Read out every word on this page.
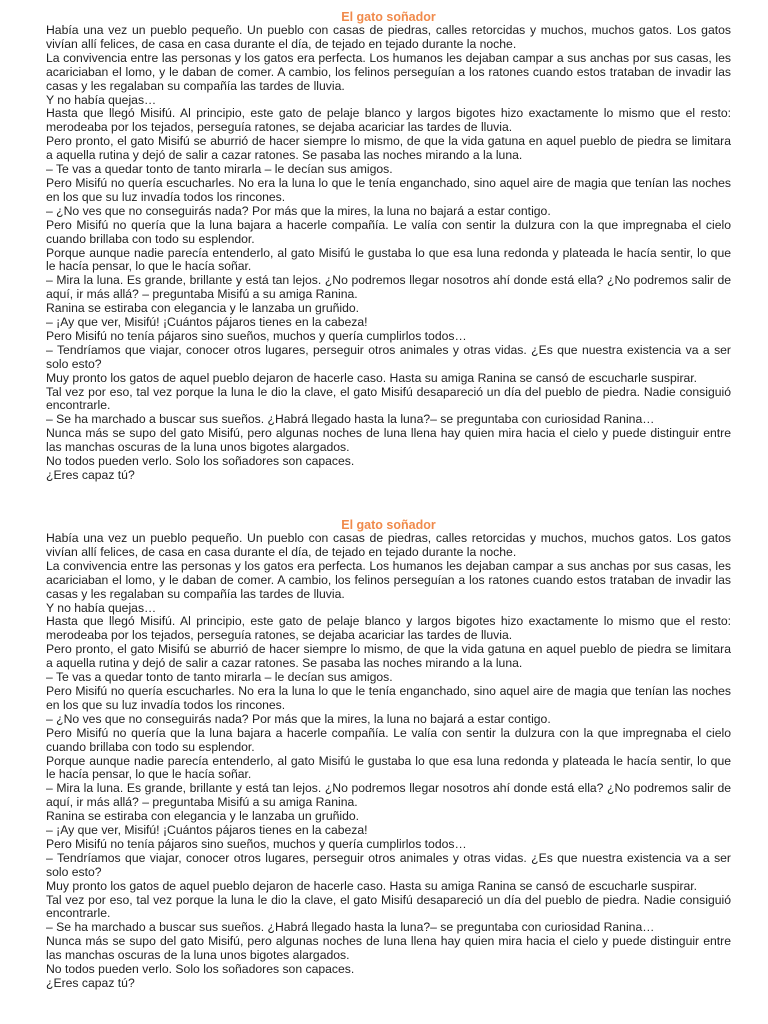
El gato soñador

Había una vez un pueblo pequeño. Un pueblo con casas de piedras, calles retorcidas y muchos, muchos gatos. Los gatos vivían allí felices, de casa en casa durante el día, de tejado en tejado durante la noche.

La convivencia entre las personas y los gatos era perfecta. Los humanos les dejaban campar a sus anchas por sus casas, les acariciaban el lomo, y le daban de comer. A cambio, los felinos perseguían a los ratones cuando estos trataban de invadir las casas y les regalaban su compañía las tardes de lluvia.

Y no había quejas…

Hasta que llegó Misifú. Al principio, este gato de pelaje blanco y largos bigotes hizo exactamente lo mismo que el resto: merodeaba por los tejados, perseguía ratones, se dejaba acariciar las tardes de lluvia.

Pero pronto, el gato Misifú se aburrió de hacer siempre lo mismo, de que la vida gatuna en aquel pueblo de piedra se limitara a aquella rutina y dejó de salir a cazar ratones. Se pasaba las noches mirando a la luna.

– Te vas a quedar tonto de tanto mirarla – le decían sus amigos.

Pero Misifú no quería escucharles. No era la luna lo que le tenía enganchado, sino aquel aire de magia que tenían las noches en los que su luz invadía todos los rincones.

– ¿No ves que no conseguirás nada? Por más que la mires, la luna no bajará a estar contigo.

Pero Misifú no quería que la luna bajara a hacerle compañía. Le valía con sentir la dulzura con la que impregnaba el cielo cuando brillaba con todo su esplendor.

Porque aunque nadie parecía entenderlo, al gato Misifú le gustaba lo que esa luna redonda y plateada le hacía sentir, lo que le hacía pensar, lo que le hacía soñar.

– Mira la luna. Es grande, brillante y está tan lejos. ¿No podremos llegar nosotros ahí donde está ella? ¿No podremos salir de aquí, ir más allá? – preguntaba Misifú a su amiga Ranina.

Ranina se estiraba con elegancia y le lanzaba un gruñido.

– ¡Ay que ver, Misifú! ¡Cuántos pájaros tienes en la cabeza!

Pero Misifú no tenía pájaros sino sueños, muchos y quería cumplirlos todos…

– Tendríamos que viajar, conocer otros lugares, perseguir otros animales y otras vidas. ¿Es que nuestra existencia va a ser solo esto?

Muy pronto los gatos de aquel pueblo dejaron de hacerle caso. Hasta su amiga Ranina se cansó de escucharle suspirar.

Tal vez por eso, tal vez porque la luna le dio la clave, el gato Misifú desapareció un día del pueblo de piedra. Nadie consiguió encontrarle.

– Se ha marchado a buscar sus sueños. ¿Habrá llegado hasta la luna?– se preguntaba con curiosidad Ranina…

Nunca más se supo del gato Misifú, pero algunas noches de luna llena hay quien mira hacia el cielo y puede distinguir entre las manchas oscuras de la luna unos bigotes alargados.

No todos pueden verlo. Solo los soñadores son capaces.

¿Eres capaz tú?

El gato soñador

Había una vez un pueblo pequeño. Un pueblo con casas de piedras, calles retorcidas y muchos, muchos gatos. Los gatos vivían allí felices, de casa en casa durante el día, de tejado en tejado durante la noche.

La convivencia entre las personas y los gatos era perfecta. Los humanos les dejaban campar a sus anchas por sus casas, les acariciaban el lomo, y le daban de comer. A cambio, los felinos perseguían a los ratones cuando estos trataban de invadir las casas y les regalaban su compañía las tardes de lluvia.

Y no había quejas…

Hasta que llegó Misifú. Al principio, este gato de pelaje blanco y largos bigotes hizo exactamente lo mismo que el resto: merodeaba por los tejados, perseguía ratones, se dejaba acariciar las tardes de lluvia.

Pero pronto, el gato Misifú se aburrió de hacer siempre lo mismo, de que la vida gatuna en aquel pueblo de piedra se limitara a aquella rutina y dejó de salir a cazar ratones. Se pasaba las noches mirando a la luna.

– Te vas a quedar tonto de tanto mirarla – le decían sus amigos.

Pero Misifú no quería escucharles. No era la luna lo que le tenía enganchado, sino aquel aire de magia que tenían las noches en los que su luz invadía todos los rincones.

– ¿No ves que no conseguirás nada? Por más que la mires, la luna no bajará a estar contigo.

Pero Misifú no quería que la luna bajara a hacerle compañía. Le valía con sentir la dulzura con la que impregnaba el cielo cuando brillaba con todo su esplendor.

Porque aunque nadie parecía entenderlo, al gato Misifú le gustaba lo que esa luna redonda y plateada le hacía sentir, lo que le hacía pensar, lo que le hacía soñar.

– Mira la luna. Es grande, brillante y está tan lejos. ¿No podremos llegar nosotros ahí donde está ella? ¿No podremos salir de aquí, ir más allá? – preguntaba Misifú a su amiga Ranina.

Ranina se estiraba con elegancia y le lanzaba un gruñido.

– ¡Ay que ver, Misifú! ¡Cuántos pájaros tienes en la cabeza!

Pero Misifú no tenía pájaros sino sueños, muchos y quería cumplirlos todos…

– Tendríamos que viajar, conocer otros lugares, perseguir otros animales y otras vidas. ¿Es que nuestra existencia va a ser solo esto?

Muy pronto los gatos de aquel pueblo dejaron de hacerle caso. Hasta su amiga Ranina se cansó de escucharle suspirar.

Tal vez por eso, tal vez porque la luna le dio la clave, el gato Misifú desapareció un día del pueblo de piedra. Nadie consiguió encontrarle.

– Se ha marchado a buscar sus sueños. ¿Habrá llegado hasta la luna?– se preguntaba con curiosidad Ranina…

Nunca más se supo del gato Misifú, pero algunas noches de luna llena hay quien mira hacia el cielo y puede distinguir entre las manchas oscuras de la luna unos bigotes alargados.

No todos pueden verlo. Solo los soñadores son capaces.

¿Eres capaz tú?
